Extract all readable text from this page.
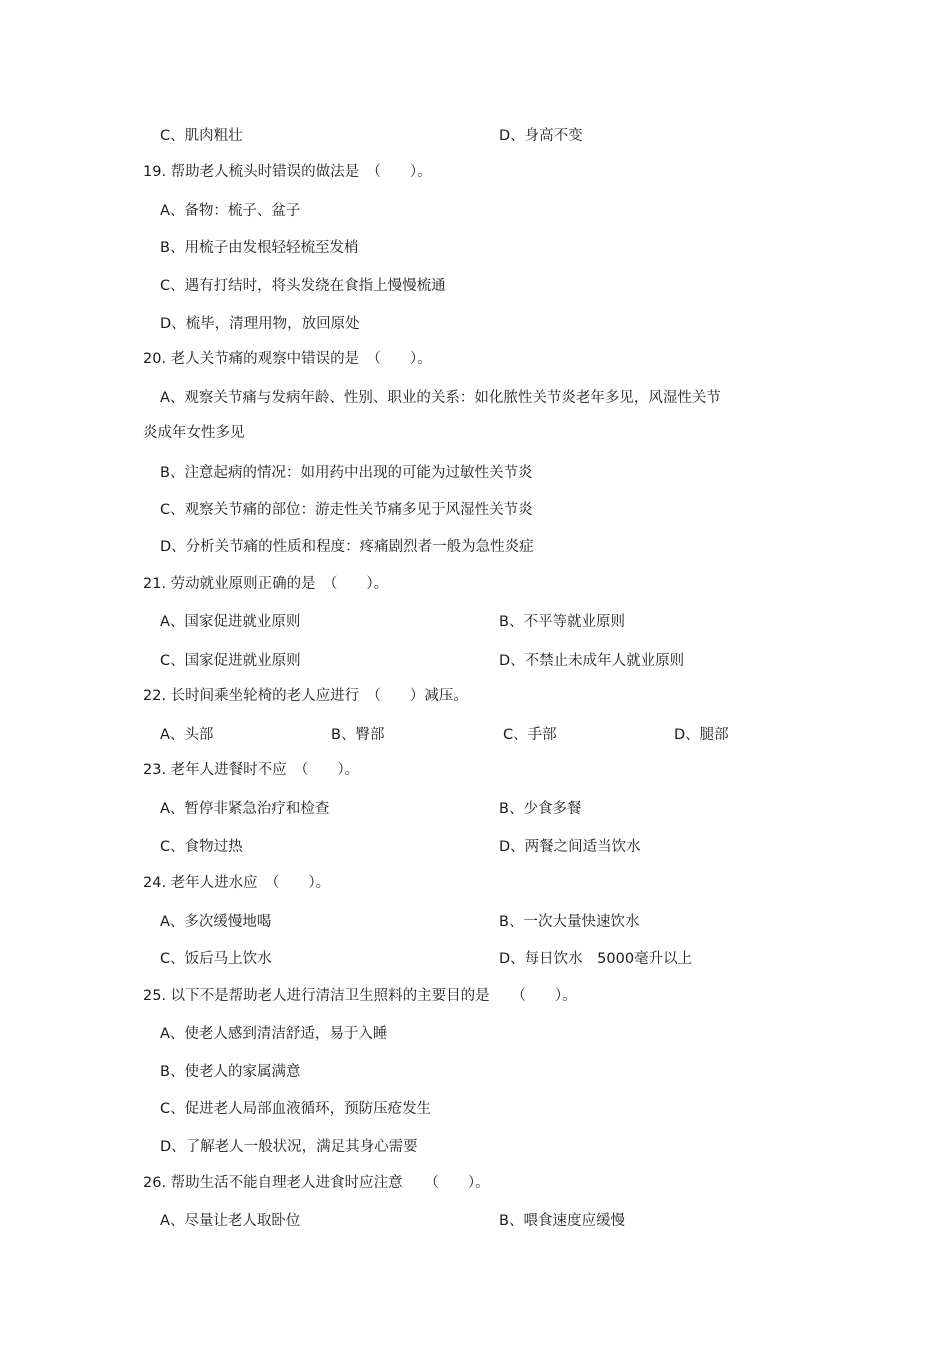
C、肌肉粗壮	D、身高不变
19. 帮助老人梳头时错误的做法是　（　　）。
A、备物：梳子、盆子
B、用梳子由发根轻轻梳至发梢
C、遇有打结时，将头发绕在食指上慢慢梳通
D、梳毕，清理用物，放回原处
20. 老人关节痛的观察中错误的是　（　　）。
A、观察关节痛与发病年龄、性别、职业的关系：如化脓性关节炎老年多见，风湿性关节
炎成年女性多见
B、注意起病的情况：如用药中出现的可能为过敏性关节炎
C、观察关节痛的部位：游走性关节痛多见于风湿性关节炎
D、分析关节痛的性质和程度：疼痛剧烈者一般为急性炎症
21. 劳动就业原则正确的是　（　　）。
A、国家促进就业原则	B、不平等就业原则
C、国家促进就业原则	D、不禁止未成年人就业原则
22. 长时间乘坐轮椅的老人应进行　（　　）减压。
A、头部	B、臀部	C、手部	D、腿部
23. 老年人进餐时不应　（　　）。
A、暂停非紧急治疗和检查	B、少食多餐
C、食物过热	D、两餐之间适当饮水
24. 老年人进水应　（　　）。
A、多次缓慢地喝	B、一次大量快速饮水
C、饭后马上饮水	D、每日饮水　5000毫升以上
25. 以下不是帮助老人进行清洁卫生照料的主要目的是　　（　　）。
A、使老人感到清洁舒适，易于入睡
B、使老人的家属满意
C、促进老人局部血液循环，预防压疮发生
D、了解老人一般状况，满足其身心需要
26. 帮助生活不能自理老人进食时应注意　　（　　）。
A、尽量让老人取卧位	B、喂食速度应缓慢
